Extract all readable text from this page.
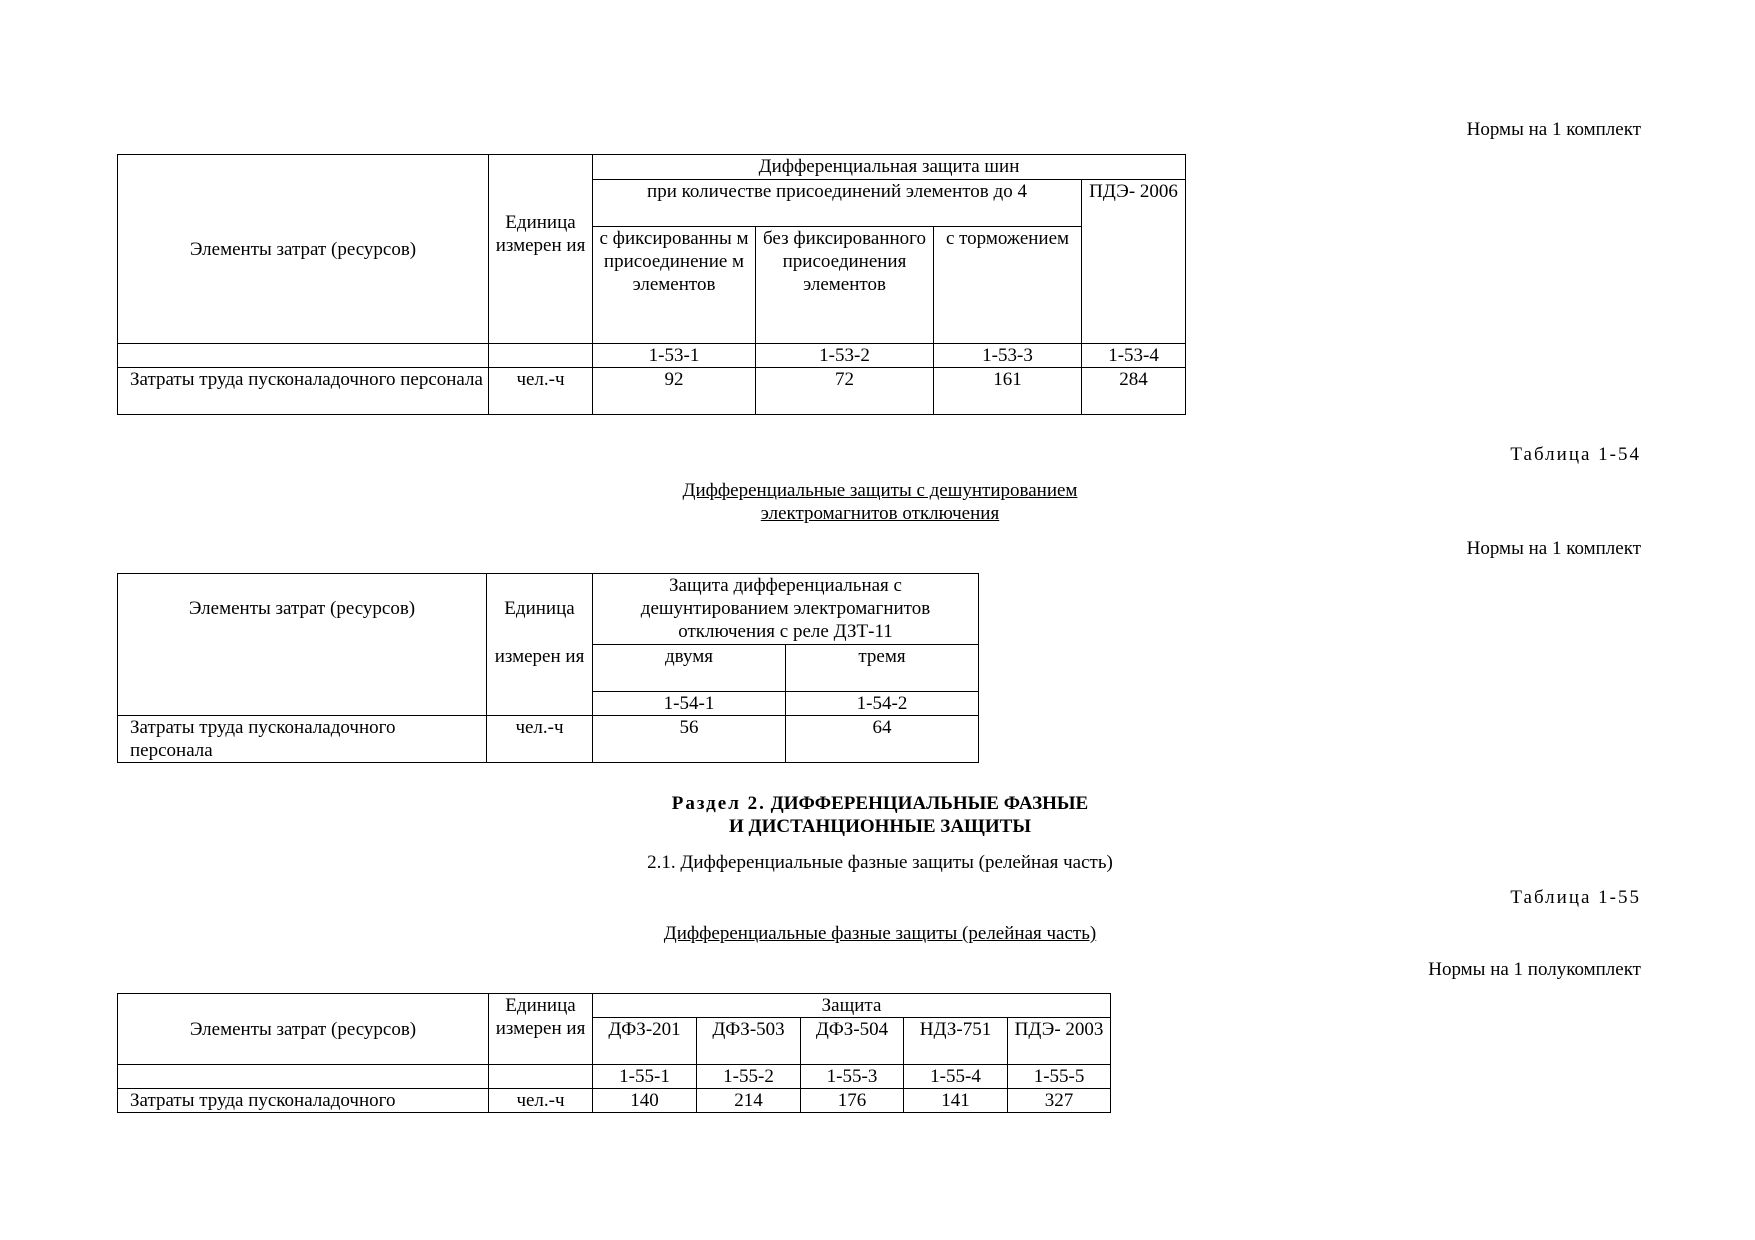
Нормы на 1 комплект
Элементы затрат (ресурсов)	Единица измерен ия	Дифференциальная защита шин			
		при количестве присоединений элементов до 4			ПДЭ- 2006
		с фиксированны м присоединение м элементов	без фиксированного присоединения элементов	с торможением	
		1-53-1	1-53-2	1-53-3	1-53-4
Затраты труда пусконаладочного персонала	чел.-ч	92	72	161	284
Таблица 1-54
Дифференциальные защиты с дешунтированием
электромагнитов отключения
Нормы на 1 комплект
Элементы затрат (ресурсов)	Единица	Защита дифференциальная с дешунтированием электромагнитов отключения с реле ДЗТ-11	
	измерен ия	двумя	тремя
		1-54-1	1-54-2
Затраты труда пусконаладочного персонала	чел.-ч	56	64
Раздел 2. ДИФФЕРЕНЦИАЛЬНЫЕ ФАЗНЫЕ
И ДИСТАНЦИОННЫЕ ЗАЩИТЫ
2.1. Дифференциальные фазные защиты (релейная часть)
Таблица 1-55
Дифференциальные фазные защиты (релейная часть)
Нормы на 1 полукомплект
Элементы затрат (ресурсов)	Единица измерен ия	Защита				
		ДФЗ-201	ДФЗ-503	ДФЗ-504	НДЗ-751	ПДЭ- 2003
		1-55-1	1-55-2	1-55-3	1-55-4	1-55-5
Затраты труда пусконаладочного	чел.-ч	140	214	176	141	327
